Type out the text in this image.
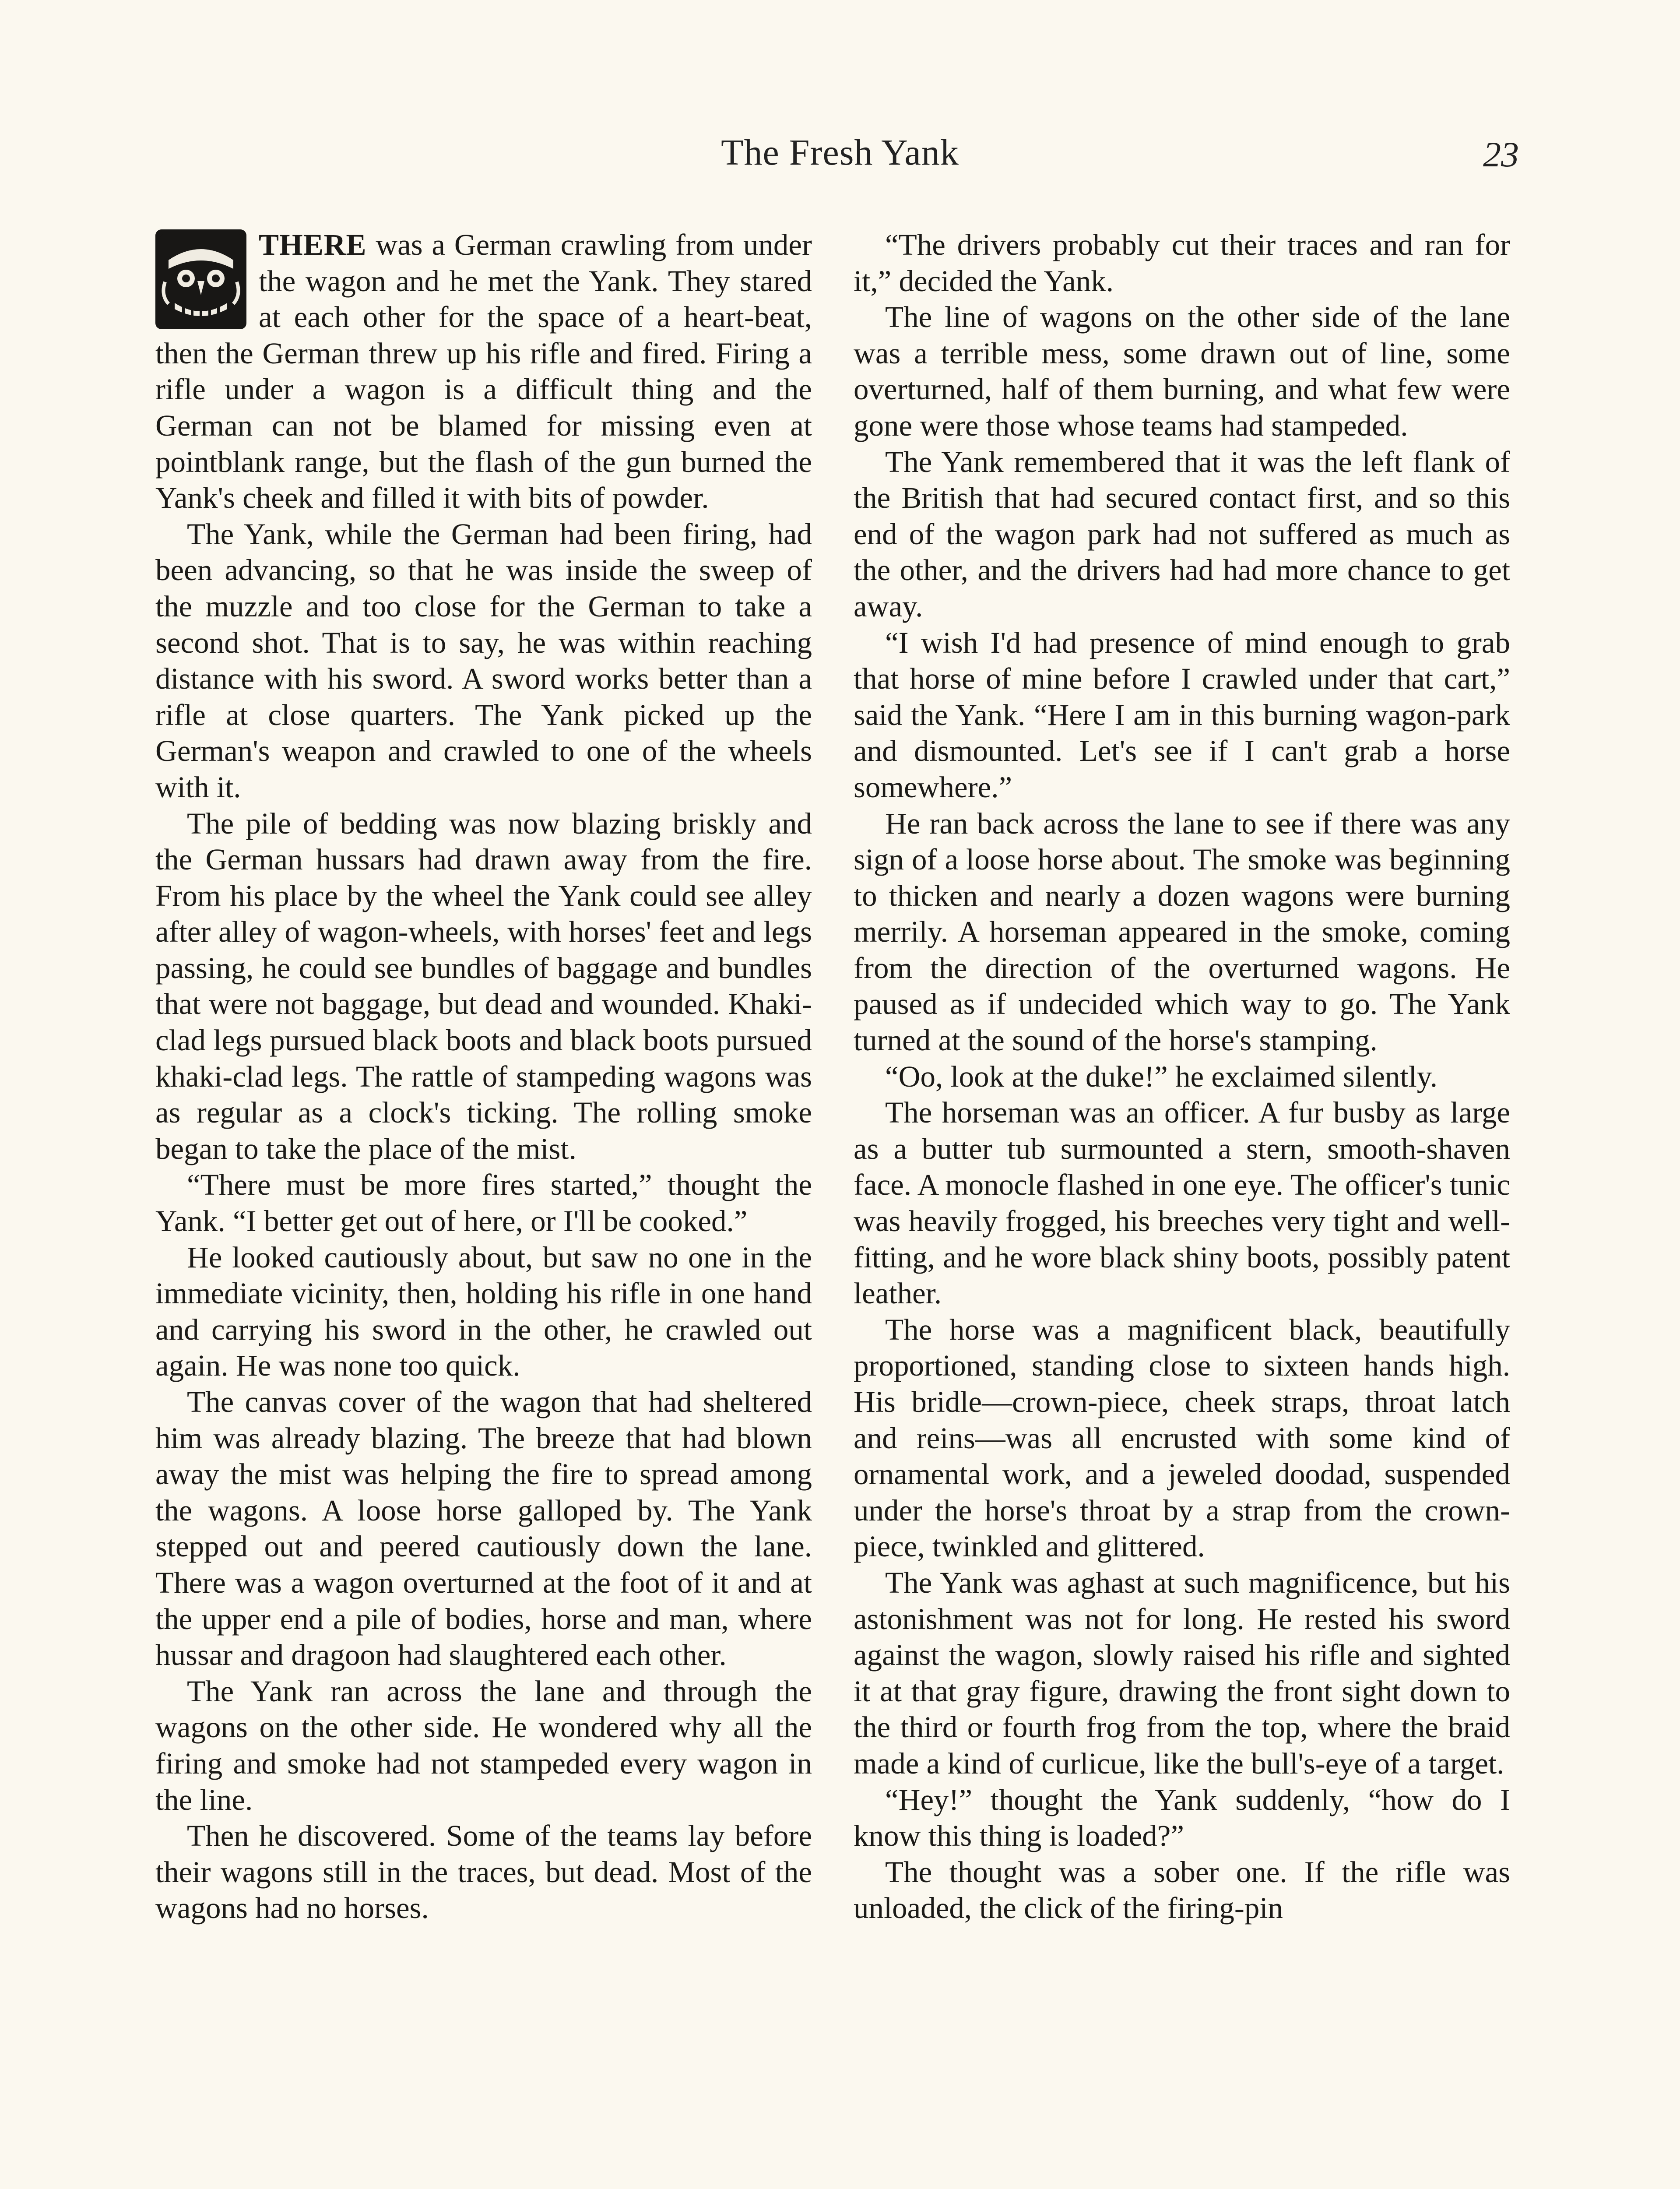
The Fresh Yank	23

THERE was a German crawling from under the wagon and he met the Yank. They stared at each other for the space of a heart-beat, then the German threw up his rifle and fired. Firing a rifle under a wagon is a difficult thing and the German can not be blamed for missing even at pointblank range, but the flash of the gun burned the Yank's cheek and filled it with bits of powder.

The Yank, while the German had been firing, had been advancing, so that he was inside the sweep of the muzzle and too close for the German to take a second shot. That is to say, he was within reaching distance with his sword. A sword works better than a rifle at close quarters. The Yank picked up the German's weapon and crawled to one of the wheels with it.

The pile of bedding was now blazing briskly and the German hussars had drawn away from the fire. From his place by the wheel the Yank could see alley after alley of wagon-wheels, with horses' feet and legs passing, he could see bundles of baggage and bundles that were not baggage, but dead and wounded. Khaki-clad legs pursued black boots and black boots pursued khaki-clad legs. The rattle of stampeding wagons was as regular as a clock's ticking. The rolling smoke began to take the place of the mist.

“There must be more fires started,” thought the Yank. “I better get out of here, or I'll be cooked.”

He looked cautiously about, but saw no one in the immediate vicinity, then, holding his rifle in one hand and carrying his sword in the other, he crawled out again. He was none too quick.

The canvas cover of the wagon that had sheltered him was already blazing. The breeze that had blown away the mist was helping the fire to spread among the wagons. A loose horse galloped by. The Yank stepped out and peered cautiously down the lane. There was a wagon overturned at the foot of it and at the upper end a pile of bodies, horse and man, where hussar and dragoon had slaughtered each other.

The Yank ran across the lane and through the wagons on the other side. He wondered why all the firing and smoke had not stampeded every wagon in the line.

Then he discovered. Some of the teams lay before their wagons still in the traces, but dead. Most of the wagons had no horses.

“The drivers probably cut their traces and ran for it,” decided the Yank.

The line of wagons on the other side of the lane was a terrible mess, some drawn out of line, some overturned, half of them burning, and what few were gone were those whose teams had stampeded.

The Yank remembered that it was the left flank of the British that had secured contact first, and so this end of the wagon park had not suffered as much as the other, and the drivers had had more chance to get away.

“I wish I'd had presence of mind enough to grab that horse of mine before I crawled under that cart,” said the Yank. “Here I am in this burning wagon-park and dismounted. Let's see if I can't grab a horse somewhere.”

He ran back across the lane to see if there was any sign of a loose horse about. The smoke was beginning to thicken and nearly a dozen wagons were burning merrily. A horseman appeared in the smoke, coming from the direction of the overturned wagons. He paused as if undecided which way to go. The Yank turned at the sound of the horse's stamping.

“Oo, look at the duke!” he exclaimed silently.

The horseman was an officer. A fur busby as large as a butter tub surmounted a stern, smooth-shaven face. A monocle flashed in one eye. The officer's tunic was heavily frogged, his breeches very tight and well-fitting, and he wore black shiny boots, possibly patent leather.

The horse was a magnificent black, beautifully proportioned, standing close to sixteen hands high. His bridle—crown-piece, cheek straps, throat latch and reins—was all encrusted with some kind of ornamental work, and a jeweled doodad, suspended under the horse's throat by a strap from the crown-piece, twinkled and glittered.

The Yank was aghast at such magnificence, but his astonishment was not for long. He rested his sword against the wagon, slowly raised his rifle and sighted it at that gray figure, drawing the front sight down to the third or fourth frog from the top, where the braid made a kind of curlicue, like the bull's-eye of a target.

“Hey!” thought the Yank suddenly, “how do I know this thing is loaded?”

The thought was a sober one. If the rifle was unloaded, the click of the firing-pin
